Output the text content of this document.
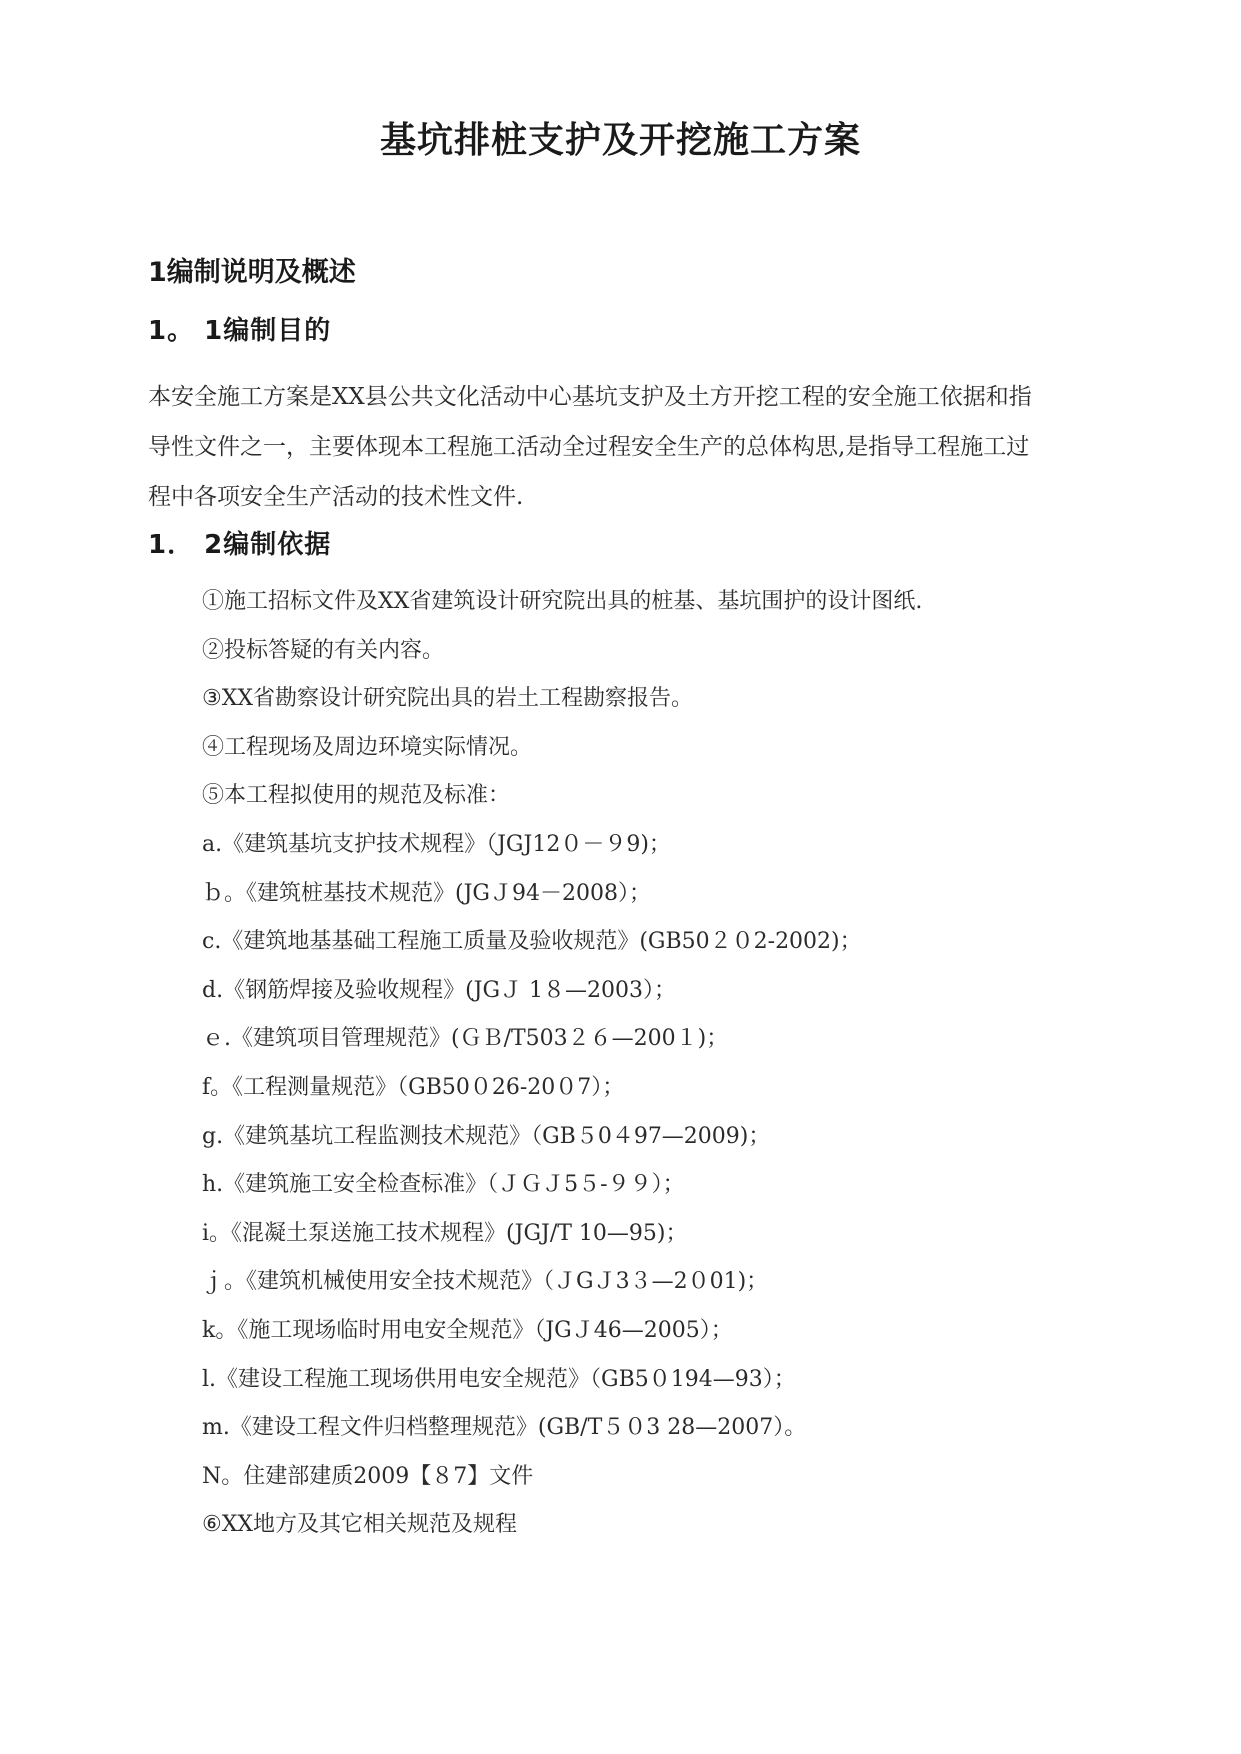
基坑排桩支护及开挖施工方案
1编制说明及概述
1。 1编制目的
本安全施工方案是XX县公共文化活动中心基坑支护及土方开挖工程的安全施工依据和指
导性文件之一，主要体现本工程施工活动全过程安全生产的总体构思,是指导工程施工过
程中各项安全生产活动的技术性文件.
1． 2编制依据
①施工招标文件及XX省建筑设计研究院出具的桩基、基坑围护的设计图纸.
②投标答疑的有关内容。
③XX省勘察设计研究院出具的岩土工程勘察报告。
④工程现场及周边环境实际情况。
⑤本工程拟使用的规范及标准：
a.《建筑基坑支护技术规程》（JGJ12０－９9)；
ｂ。《建筑桩基技术规范》(JGＪ94－2008）；
c.《建筑地基基础工程施工质量及验收规范》(GB50２０2-2002)；
d.《钢筋焊接及验收规程》(JGＪ 1８—2003）；
ｅ.《建筑项目管理规范》(ＧＢ/T503２６—200１)；
f。《工程测量规范》（GB50０26-20０7）；
g.《建筑基坑工程监测技术规范》（GB５0４97—2009)；
h.《建筑施工安全检查标准》（ＪＧＪ5５-９９）；
i。《混凝土泵送施工技术规程》(JGJ/T 10—95)；
ｊ。《建筑机械使用安全技术规范》（ＪGＪ3３—2０01)；
k。《施工现场临时用电安全规范》（JGＪ46—2005）；
l.《建设工程施工现场供用电安全规范》（GB5０194—93）；
m.《建设工程文件归档整理规范》(GB/T５０3 28—2007）。
N。住建部建质2009【８7】文件
⑥XX地方及其它相关规范及规程
